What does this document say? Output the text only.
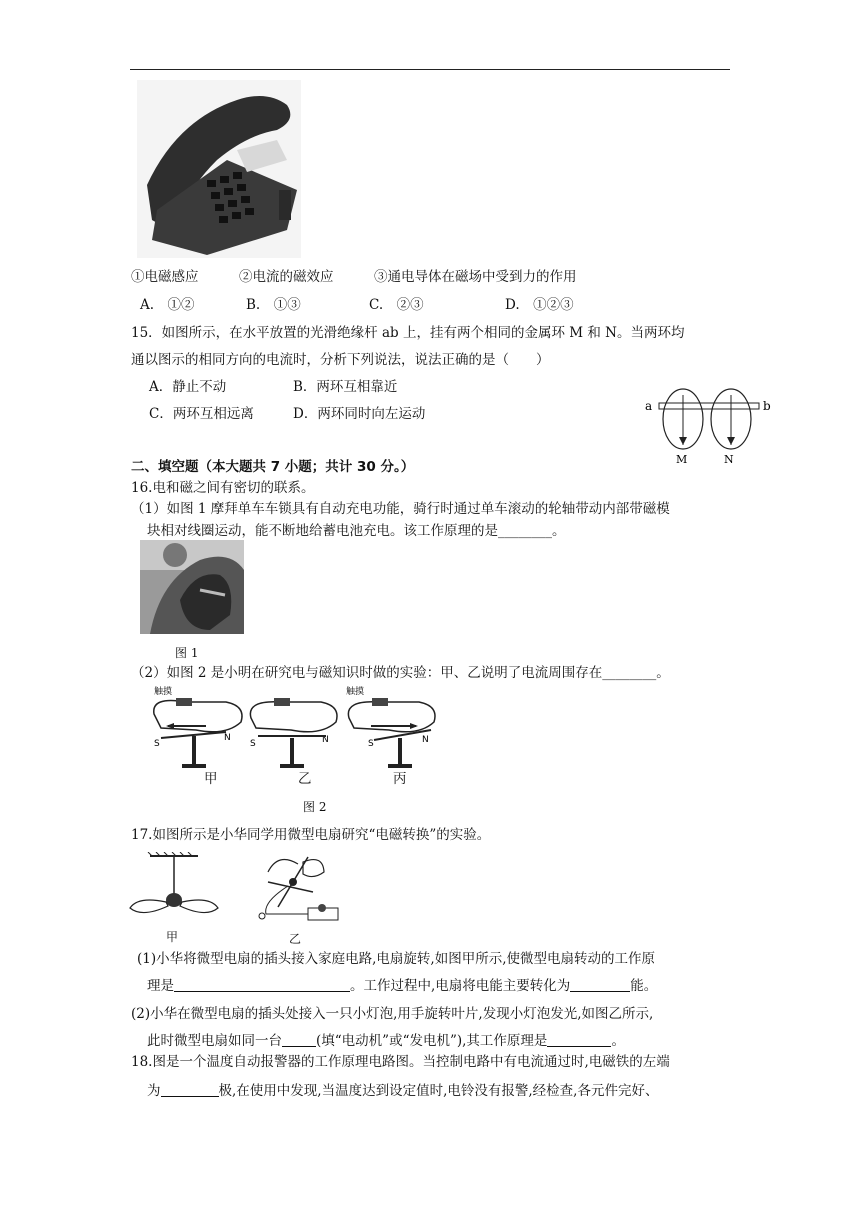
①电磁感应　　　②电流的磁效应　　　③通电导体在磁场中受到力的作用
A.　①②	B.　①③	C.　②③	D.　①②③
15．如图所示，在水平放置的光滑绝缘杆 ab 上，挂有两个相同的金属环 M 和 N。当两环均
通以图示的相同方向的电流时，分析下列说法，说法正确的是（　　）
A．静止不动	B．两环互相靠近
C．两环互相远离	D．两环同时向左运动	a	b
M	N
二、填空题（本大题共 7 小题；共计 30 分。）
16.电和磁之间有密切的联系。
（1）如图 1 摩拜单车车锁具有自动充电功能，骑行时通过单车滚动的轮轴带动内部带磁模
块相对线圈运动，能不断地给蓄电池充电。该工作原理的是________。
图 1
（2）如图 2 是小明在研究电与磁知识时做的实验：甲、乙说明了电流周围存在________。
触摸
S
N
S	N
触摸
S	N
甲	乙	丙
图 2
17.如图所示是小华同学用微型电扇研究“电磁转换”的实验。
甲	乙
(1)小华将微型电扇的插头接入家庭电路,电扇旋转,如图甲所示,使微型电扇转动的工作原
理是	。工作过程中,电扇将电能主要转化为	能。
(2)小华在微型电扇的插头处接入一只小灯泡,用手旋转叶片,发现小灯泡发光,如图乙所示,
此时微型电扇如同一台	(填“电动机”或“发电机”),其工作原理是	。
18.图是一个温度自动报警器的工作原理电路图。当控制电路中有电流通过时,电磁铁的左端
为	极,在使用中发现,当温度达到设定值时,电铃没有报警,经检查,各元件完好、
